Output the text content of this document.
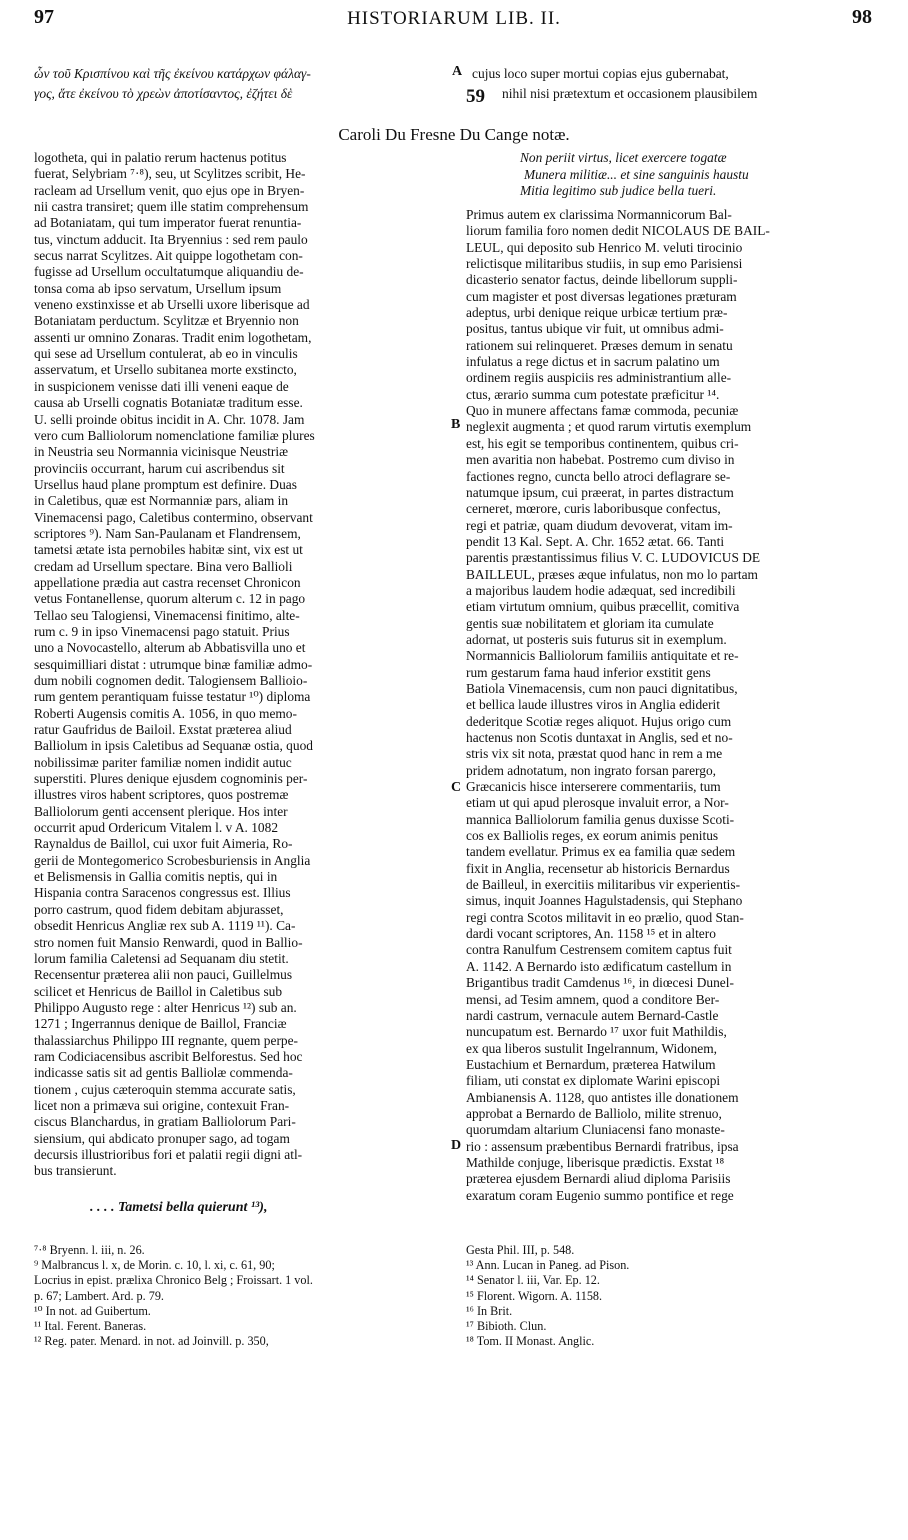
97	HISTORIARUM LIB. II.	98
ὧν τοῦ Κρισπίνου καὶ τῆς ἐκείνου κατάρχων φάλαγ-
γος, ἅτε ἐκείνου τὸ χρεὼν ἀποτίσαντος, ἐζήτει δὲ
A
59
cujus loco super mortui copias ejus gubernabat,
nihil nisi prætextum et occasionem plausibilem
Caroli Du Fresne Du Cange notæ.
logothetа, qui in palatio rerum hactenus potitus
fuerat, Selybriam ⁷·⁸), seu, ut Scylitzes scribit, He-
racleam ad Ursellum venit, quo ejus ope in Bryen-
nii castra transiret; quem ille statim comprehensum
ad Botaniatam, qui tum imperator fuerat renuntia-
tus, vinctum adducit. Ita Bryennius : sed rem paulo
secus narrat Scylitzes. Ait quippe logothetam con-
fugisse ad Ursellum occultatumque aliquandiu de-
tonsa coma ab ipso servatum, Ursellum ipsum
veneno exstinxisse et ab Urselli uxore liberisque ad
Botaniatam perductum. Scylitzæ et Bryennio non
assenti ur omnino Zonaras. Tradit enim logothetam,
qui sese ad Ursellum contulerat, ab eo in vinculis
asservatum, et Ursello subitanea morte exstincto,
in suspicionem venisse dati illi veneni eaque de
causa ab Urselli cognatis Botaniatæ traditum esse.
U. selli proinde obitus incidit in A. Chr. 1078. Jam
vero cum Balliolorum nomenclatione familiæ plures
in Neustria seu Normannia vicinisque Neustriæ
provinciis occurrant, harum cui ascribendus sit
Ursellus haud plane promptum est definire. Duas
in Caletibus, quæ est Normanniæ pars, aliam in
Vinemacensi pago, Caletibus contermino, observant
scriptores ⁹). Nam San-Paulanam et Flandrensem,
tametsi ætate ista pernobiles habitæ sint, vix est ut
credam ad Ursellum spectare. Bina vero Ballioli
appellatione prædia aut castra recenset Chronicon
vetus Fontanellense, quorum alterum c. 12 in pago
Tellao seu Talogiensi, Vinemacensi finitimo, alte-
rum c. 9 in ipso Vinemacensi pago statuit. Prius
uno a Novocastello, alterum ab Abbatisvilla uno et
sesquimilliari distat : utrumque binæ familiæ admo-
dum nobili cognomen dedit. Talogiensem Ballioio-
rum gentem perantiquam fuisse testatur ¹⁰) diploma
Roberti Augensis comitis A. 1056, in quo memo-
ratur Gaufridus de Bailoil. Exstat præterea aliud
Balliolum in ipsis Caletibus ad Sequanæ ostia, quod
nobilissimæ pariter familiæ nomen indidit autuc
superstiti. Plures denique ejusdem cognominis per-
illustres viros habent scriptores, quos postremæ
Balliolorum genti accensent plerique. Hos inter
occurrit apud Ordericum Vitalem l. v A. 1082
Raynaldus de Baillol, cui uxor fuit Aimeria, Ro-
gerii de Montegomerico Scrobesburiensis in Anglia
et Belismensis in Gallia comitis neptis, qui in
Hispania contra Saracenos congressus est. Illius
porro castrum, quod fidem debitam abjurasset,
obsedit Henricus Angliæ rex sub A. 1119 ¹¹). Ca-
stro nomen fuit Mansio Renwardi, quod in Ballio-
lorum familia Caletensi ad Sequanam diu stetit.
Recensentur præterea alii non pauci, Guillelmus
scilicet et Henricus de Baillol in Caletibus sub
Philippo Augusto rege : alter Henricus ¹²) sub an.
1271 ; Ingerrannus denique de Baillol, Franciæ
thalassiarchus Philippo III regnante, quem perpe-
ram Codiciacensibus ascribit Belforestus. Sed hoc
indicasse satis sit ad gentis Balliolæ commenda-
tionem , cujus cæteroquin stemma accurate satis,
licet non a primæva sui origine, contexuit Fran-
ciscus Blanchardus, in gratiam Balliolorum Pari-
siensium, qui abdicato pronuper sago, ad togam
decursis illustrioribus fori et palatii regii digni atl-
bus transierunt.
. . . . Tametsi bella quierunt ¹³),
B
C
D
Non periit virtus, licet exercere togatæ
Munera militiæ... et sine sanguinis haustu
Mitia legitimo sub judice bella tueri.
Primus autem ex clarissima Normannicorum Bal-
liorum familia foro nomen dedit NICOLAUS DE BAIL-
LEUL, qui deposito sub Henrico M. veluti tirocinio
relictisque militaribus studiis, in sup emo Parisiensi
dicasterio senator factus, deinde libellorum suppli-
cum magister et post diversas legationes præturam
adeptus, urbi denique reique urbicæ tertium præ-
positus, tantus ubique vir fuit, ut omnibus admi-
rationem sui relinqueret. Præses demum in senatu
infulatus a rege dictus et in sacrum palatino um
ordinem regiis auspiciis res administrantium alle-
ctus, ærario summa cum potestate præficitur ¹⁴.
Quo in munere affectans famæ commoda, pecuniæ
neglexit augmenta ; et quod rarum virtutis exemplum
est, his egit se temporibus continentem, quibus cri-
men avaritia non habebat. Postremo cum diviso in
factiones regno, cuncta bello atroci deflagrare se-
natumque ipsum, cui præerat, in partes distractum
cerneret, mœrore, curis laboribusque confectus,
regi et patriæ, quam diudum devoverat, vitam im-
pendit 13 Kal. Sept. A. Chr. 1652 ætat. 66. Tanti
parentis præstantissimus filius V. C. LUDOVICUS DE
BAILLEUL, præses æque infulatus, non mo lo partam
a majoribus laudem hodie adæquat, sed incredibili
etiam virtutum omnium, quibus præcellit, comitiva
gentis suæ nobilitatem et gloriam ita cumulate
adornat, ut posteris suis futurus sit in exemplum.
Normannicis Balliolorum familiis antiquitate et re-
rum gestarum fama haud inferior exstitit gens
Batiola Vinemacensis, cum non pauci dignitatibus,
et bellica laude illustres viros in Anglia ediderit
dederitque Scotiæ reges aliquot. Hujus origo cum
hactenus non Scotis duntaxat in Anglis, sed et no-
stris vix sit nota, præstat quod hanc in rem a me
pridem adnotatum, non ingrato forsan parergo,
Græcanicis hisce interserere commentariis, tum
etiam ut qui apud plerosque invaluit error, a Nor-
mannica Balliolorum familia genus duxisse Scoti-
cos ex Balliolis reges, ex eorum animis penitus
tandem evellatur. Primus ex ea familia quæ sedem
fixit in Anglia, recensetur ab historicis Bernardus
de Bailleul, in exercitiis militaribus vir experientis-
simus, inquit Joannes Hagulstadensis, qui Stephano
regi contra Scotos militavit in eo prælio, quod Stan-
dardi vocant scriptores, An. 1158 ¹⁵ et in altero
contra Ranulfum Cestrensem comitem captus fuit
A. 1142. A Bernardo isto ædificatum castellum in
Brigantibus tradit Camdenus ¹⁶, in diœcesi Dunel-
mensi, ad Tesim amnem, quod a conditore Ber-
nardi castrum, vernacule autem Bernard-Castle
nuncupatum est. Bernardo ¹⁷ uxor fuit Mathildis,
ex qua liberos sustulit Ingelrannum, Widonem,
Eustachium et Bernardum, præterea Hatwilum
filiam, uti constat ex diplomate Warini episcopi
Ambianensis A. 1128, quo antistes ille donationem
approbat a Bernardo de Balliolo, milite strenuo,
quorumdam altarium Cluniacensi fano monaste-
rio : assensum præbentibus Bernardi fratribus, ipsa
Mathilde conjuge, liberisque prædictis. Exstat ¹⁸
præterea ejusdem Bernardi aliud diploma Parisiis
exaratum coram Eugenio summo pontifice et rege
⁷·⁸ Bryenn. l. iii, n. 26.
⁹ Malbrancus l. x, de Morin. c. 10, l. xi, c. 61, 90;
Locrius in epist. prælixa Chronico Belg ; Froissart. 1 vol.
p. 67; Lambert. Ard. p. 79.
¹⁰ In not. ad Guibertum.
¹¹ Ital. Ferent. Baneras.
¹² Reg. pater. Menard. in not. ad Joinvill. p. 350,
Gesta Phil. III, p. 548.
¹³ Ann. Lucan in Paneg. ad Pison.
¹⁴ Senator l. iii, Var. Ep. 12.
¹⁵ Florent. Wigorn. A. 1158.
¹⁶ In Brit.
¹⁷ Bibioth. Clun.
¹⁸ Tom. II Monast. Anglic.
